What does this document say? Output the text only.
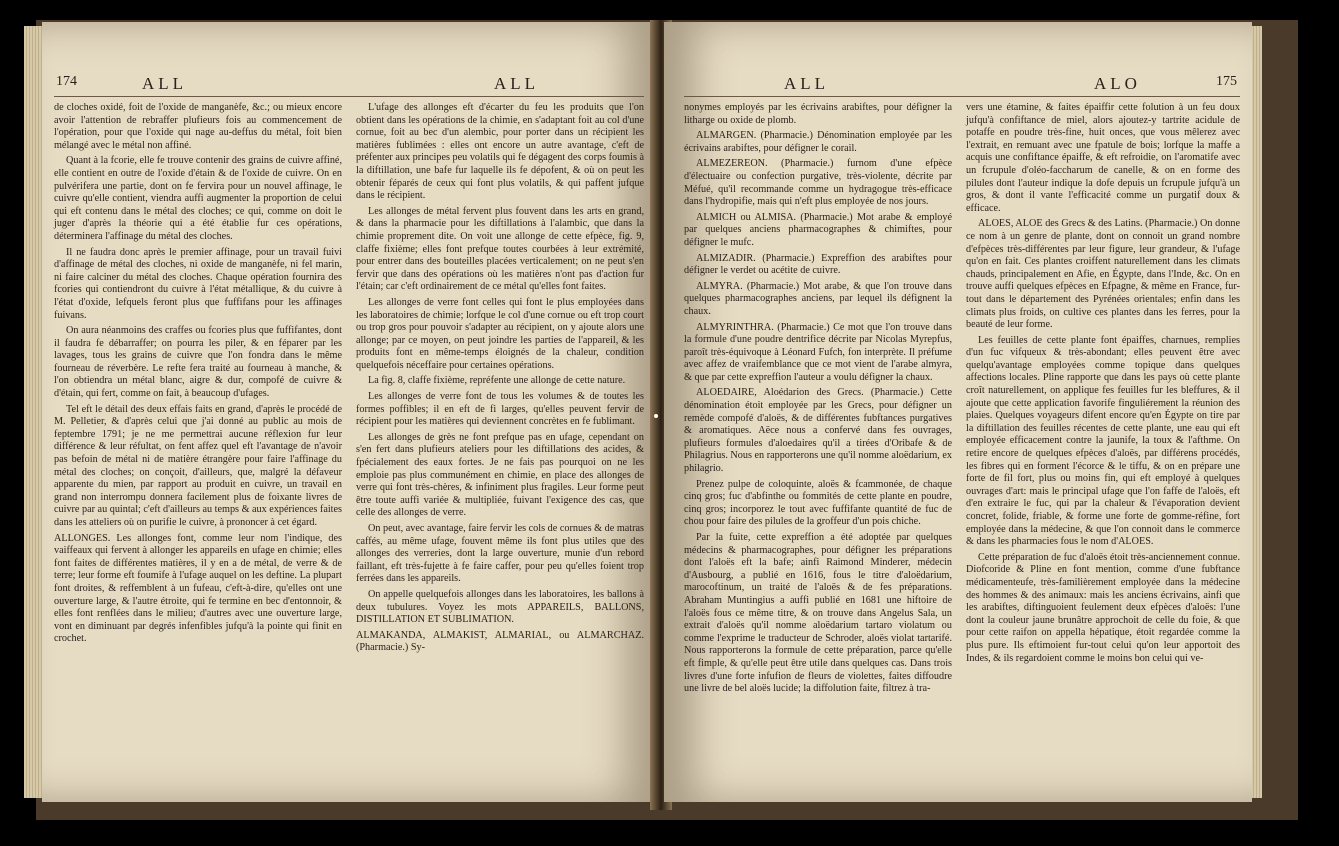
174	ALL	ALL

de cloches oxidé, foit de l'oxide de manganèfe, &c.; ou mieux encore avoir l'attention de rebraffer plufieurs fois au commencement de l'opération, pour que l'oxide qui nage au-deffus du métal, foit bien mélangé avec le métal non affiné.

Quant à la fcorie, elle fe trouve contenir des grains de cuivre affiné, elle contient en outre de l'oxide d'étain & de l'oxide de cuivre. On en pulvérifera une partie, dont on fe fervira pour un nouvel affinage, le cuivre qu'elle contient, viendra auffi augmenter la proportion de celui qui eft contenu dans le métal des cloches; ce qui, comme on doit le juger d'après la théorie qui a été établie fur ces opérations, déterminera l'affinage du métal des cloches.

Il ne faudra donc après le premier affinage, pour un travail fuivi d'affinage de métal des cloches, ni oxide de manganèfe, ni fel marin, ni faire calciner du métal des cloches. Chaque opération fournira des fcories qui contiendront du cuivre à l'état métallique, & du cuivre à l'état d'oxide, lefquels feront plus que fuffifans pour les affinages fuivans.

On aura néanmoins des craffes ou fcories plus que fuffifantes, dont il faudra fe débarraffer; on pourra les piler, & en féparer par les lavages, tous les grains de cuivre que l'on fondra dans le même fourneau de réverbère. Le refte fera traité au fourneau à manche, & l'on obtiendra un métal blanc, aigre & dur, compofé de cuivre & d'étain, qui fert, comme on fait, à beaucoup d'ufages.

Tel eft le détail des deux effais faits en grand, d'après le procédé de M. Pelletier, & d'après celui que j'ai donné au public au mois de feptembre 1791; je ne me permettrai aucune réflexion fur leur différence & leur réfultat, on fent affez quel eft l'avantage de n'avoir pas befoin de métal ni de matière étrangère pour faire l'affinage du métal des cloches; on conçoit, d'ailleurs, que, malgré la défaveur apparente du mien, par rapport au produit en cuivre, un travail en grand non interrompu donnera facilement plus de foixante livres de cuivre par au quintal; c'eft d'ailleurs au temps & aux expériences faites dans les atteliers où on purifie le cuivre, à prononcer à cet égard.

ALLONGES. Les allonges font, comme leur nom l'indique, des vaiffeaux qui fervent à allonger les appareils en ufage en chimie; elles font faites de différentes matières, il y en a de métal, de verre & de terre; leur forme eft foumife à l'ufage auquel on les deftine. La plupart font droites, & reffemblent à un fufeau, c'eft-à-dire, qu'elles ont une ouverture large, & l'autre étroite, qui fe termine en bec d'entonnoir, & elles font renflées dans le milieu; d'autres avec une ouverture large, vont en diminuant par degrés infenfibles jufqu'à la pointe qui finit en crochet.

L'ufage des allonges eft d'écarter du feu les produits que l'on obtient dans les opérations de la chimie, en s'adaptant foit au col d'une cornue, foit au bec d'un alembic, pour porter dans un récipient les matières fublimées : elles ont encore un autre avantage, c'eft de préfenter aux principes peu volatils qui fe dégagent des corps foumis à la diftillation, une bafe fur laquelle ils fe dépofent, & où on peut les obtenir féparés de ceux qui font plus volatils, & qui paffent jufque dans le récipient.

Les allonges de métal fervent plus fouvent dans les arts en grand, & dans la pharmacie pour les diftillations à l'alambic, que dans la chimie proprement dite. On voit une allonge de cette efpèce, fig. 9, claffe fixième; elles font prefque toutes courbées à leur extrémité, pour entrer dans des bouteilles placées verticalement; on ne peut s'en fervir que dans des opérations où les matières n'ont pas d'action fur l'étain; car c'eft ordinairement de ce métal qu'elles font faites.

Les allonges de verre font celles qui font le plus employées dans les laboratoires de chimie; lorfque le col d'une cornue ou eft trop court ou trop gros pour pouvoir s'adapter au récipient, on y ajoute alors une allonge; par ce moyen, on peut joindre les parties de l'appareil, & les produits font en même-temps éloignés de la chaleur, condition quelquefois néceffaire pour certaines opérations.

La fig. 8, claffe fixième, repréfente une allonge de cette nature.

Les allonges de verre font de tous les volumes & de toutes les formes poffibles; il en eft de fi larges, qu'elles peuvent fervir de récipient pour les matières qui deviennent concrètes en fe fublimant.

Les allonges de grès ne font prefque pas en ufage, cependant on s'en fert dans plufieurs ateliers pour les diftillations des acides, & fpécialement des eaux fortes. Je ne fais pas pourquoi on ne les emploie pas plus communément en chimie, en place des allonges de verre qui font très-chères, & infiniment plus fragiles. Leur forme peut être toute auffi variée & multipliée, fuivant l'exigence des cas, que celle des allonges de verre.

On peut, avec avantage, faire fervir les cols de cornues & de matras caffés, au même ufage, fouvent même ils font plus utiles que des allonges des verreries, dont la large ouverture, munie d'un rebord faillant, eft très-fujette à fe faire caffer, pour peu qu'elles foient trop ferrées dans les appareils.

On appelle quelquefois allonges dans les laboratoires, les ballons à deux tubulures. Voyez les mots APPAREILS, BALLONS, DISTILLATION ET SUBLIMATION.

ALMAKANDA, ALMAKIST, ALMARIAL, ou ALMARCHAZ. (Pharmacie.) Sy-

ALL	ALO	175

nonymes employés par les écrivains arabiftes, pour défigner la litharge ou oxide de plomb.

ALMARGEN. (Pharmacie.) Dénomination employée par les écrivains arabiftes, pour défigner le corail.

ALMEZEREON. (Pharmacie.) furnom d'une efpèce d'électuaire ou confection purgative, très-violente, décrite par Méfué, qu'il recommande comme un hydragogue très-efficace dans l'hydropifie, mais qui n'eft plus employée de nos jours.

ALMICH ou ALMISA. (Pharmacie.) Mot arabe & employé par quelques anciens pharmacographes & chimiftes, pour défigner le mufc.

ALMIZADIR. (Pharmacie.) Expreffion des arabiftes pour défigner le verdet ou acétite de cuivre.

ALMYRA. (Pharmacie.) Mot arabe, & que l'on trouve dans quelques pharmacographes anciens, par lequel ils défignent la chaux.

ALMYRINTHRA. (Pharmacie.) Ce mot que l'on trouve dans la formule d'une poudre dentrifice décrite par Nicolas Myrepfus, paroît très-équivoque à Léonard Fufch, fon interprète. Il préfume avec affez de vraifemblance que ce mot vient de l'arabe almyra, & que par cette expreffion l'auteur a voulu défigner la chaux.

ALOEDAIRE, Aloédarion des Grecs. (Pharmacie.) Cette dénomination étoit employée par les Grecs, pour défigner un remède compofé d'aloës, & de différentes fubftances purgatives & aromatiques. Aëce nous a confervé dans fes ouvrages, plufieurs formules d'aloedaires qu'il a tirées d'Oribafe & de Philagrius. Nous en rapporterons une qu'il nomme aloëdarium, ex philagrio.

Prenez pulpe de coloquinte, aloës & fcammonée, de chaque cinq gros; fuc d'abfinthe ou fommités de cette plante en poudre, cinq gros; incorporez le tout avec fuffifante quantité de fuc de chou pour faire des pilules de la groffeur d'un pois chiche.

Par la fuite, cette expreffion a été adoptée par quelques médecins & pharmacographes, pour défigner les préparations dont l'aloës eft la bafe; ainfi Raimond Minderer, médecin d'Ausbourg, a publié en 1616, fous le titre d'aloëdarium, marocoftinum, un traité de l'aloës & de fes préparations. Abraham Muntingius a auffi publié en 1681 une hiftoire de l'aloës fous ce même titre, & on trouve dans Angelus Sala, un extrait d'aloës qu'il nomme aloëdarium tartaro violatum ou comme l'exprime le traducteur de Schroder, aloës violat tartarifé. Nous rapporterons la formule de cette préparation, parce qu'elle eft fimple, & qu'elle peut être utile dans quelques cas. Dans trois livres d'une forte infufion de fleurs de violettes, faites diffoudre une livre de bel aloës lucide; la diffolution faite, filtrez à tra-

vers une étamine, & faites épaiffir cette folution à un feu doux jufqu'à confiftance de miel, alors ajoutez-y tartrite acidule de potaffe en poudre très-fine, huit onces, que vous mêlerez avec l'extrait, en remuant avec une fpatule de bois; lorfque la maffe a acquis une confiftance épaiffe, & eft refroidie, on l'aromatife avec un fcrupule d'oléo-faccharum de canelle, & on en forme des pilules dont l'auteur indique la dofe depuis un fcrupule jufqu'à un gros, & dont il vante l'efficacité comme un purgatif doux & efficace.

ALOES, ALOE des Grecs & des Latins. (Pharmacie.) On donne ce nom à un genre de plante, dont on connoit un grand nombre d'efpèces très-différentes par leur figure, leur grandeur, & l'ufage qu'on en fait. Ces plantes croiffent naturellement dans les climats chauds, principalement en Afie, en Égypte, dans l'Inde, &c. On en trouve auffi quelques efpèces en Efpagne, & même en France, fur-tout dans le département des Pyrénées orientales; enfin dans les climats plus froids, on cultive ces plantes dans les ferres, pour la beauté de leur forme.

Les feuilles de cette plante font épaiffes, charnues, remplies d'un fuc vifqueux & très-abondant; elles peuvent être avec quelqu'avantage employées comme topique dans quelques affections locales. Pline rapporte que dans les pays où cette plante croît naturellement, on applique fes feuilles fur les bleffures, & il ajoute que cette application favorife finguliérement la réunion des plaies. Quelques voyageurs difent encore qu'en Égypte on tire par la diftillation des feuilles récentes de cette plante, une eau qui eft employée efficacement contre la jaunife, la toux & l'afthme. On retire encore de quelques efpèces d'aloës, par différens procédés, les fibres qui en forment l'écorce & le tiffu, & on en prépare une forte de fil fort, plus ou moins fin, qui eft employé à quelques ouvrages d'art: mais le principal ufage que l'on faffe de l'aloës, eft d'en extraire le fuc, qui par la chaleur & l'évaporation devient concret, folide, friable, & forme une forte de gomme-réfine, fort employée dans la médecine, & que l'on connoit dans le commerce & dans les pharmacies fous le nom d'ALOES.

Cette préparation de fuc d'aloës étoit très-anciennement connue. Diofcoride & Pline en font mention, comme d'une fubftance médicamenteufe, très-familièrement employée dans la médecine des hommes & des animaux: mais les anciens écrivains, ainfi que les arabiftes, diftinguoient feulement deux efpèces d'aloës: l'une dont la couleur jaune brunâtre approchoit de celle du foie, & que pour cette raifon on appella hépatique, étoit regardée comme la plus pure. Ils eftimoient fur-tout celui qu'on leur apportoit des Indes, & ils regardoient comme le moins bon celui qui ve-
